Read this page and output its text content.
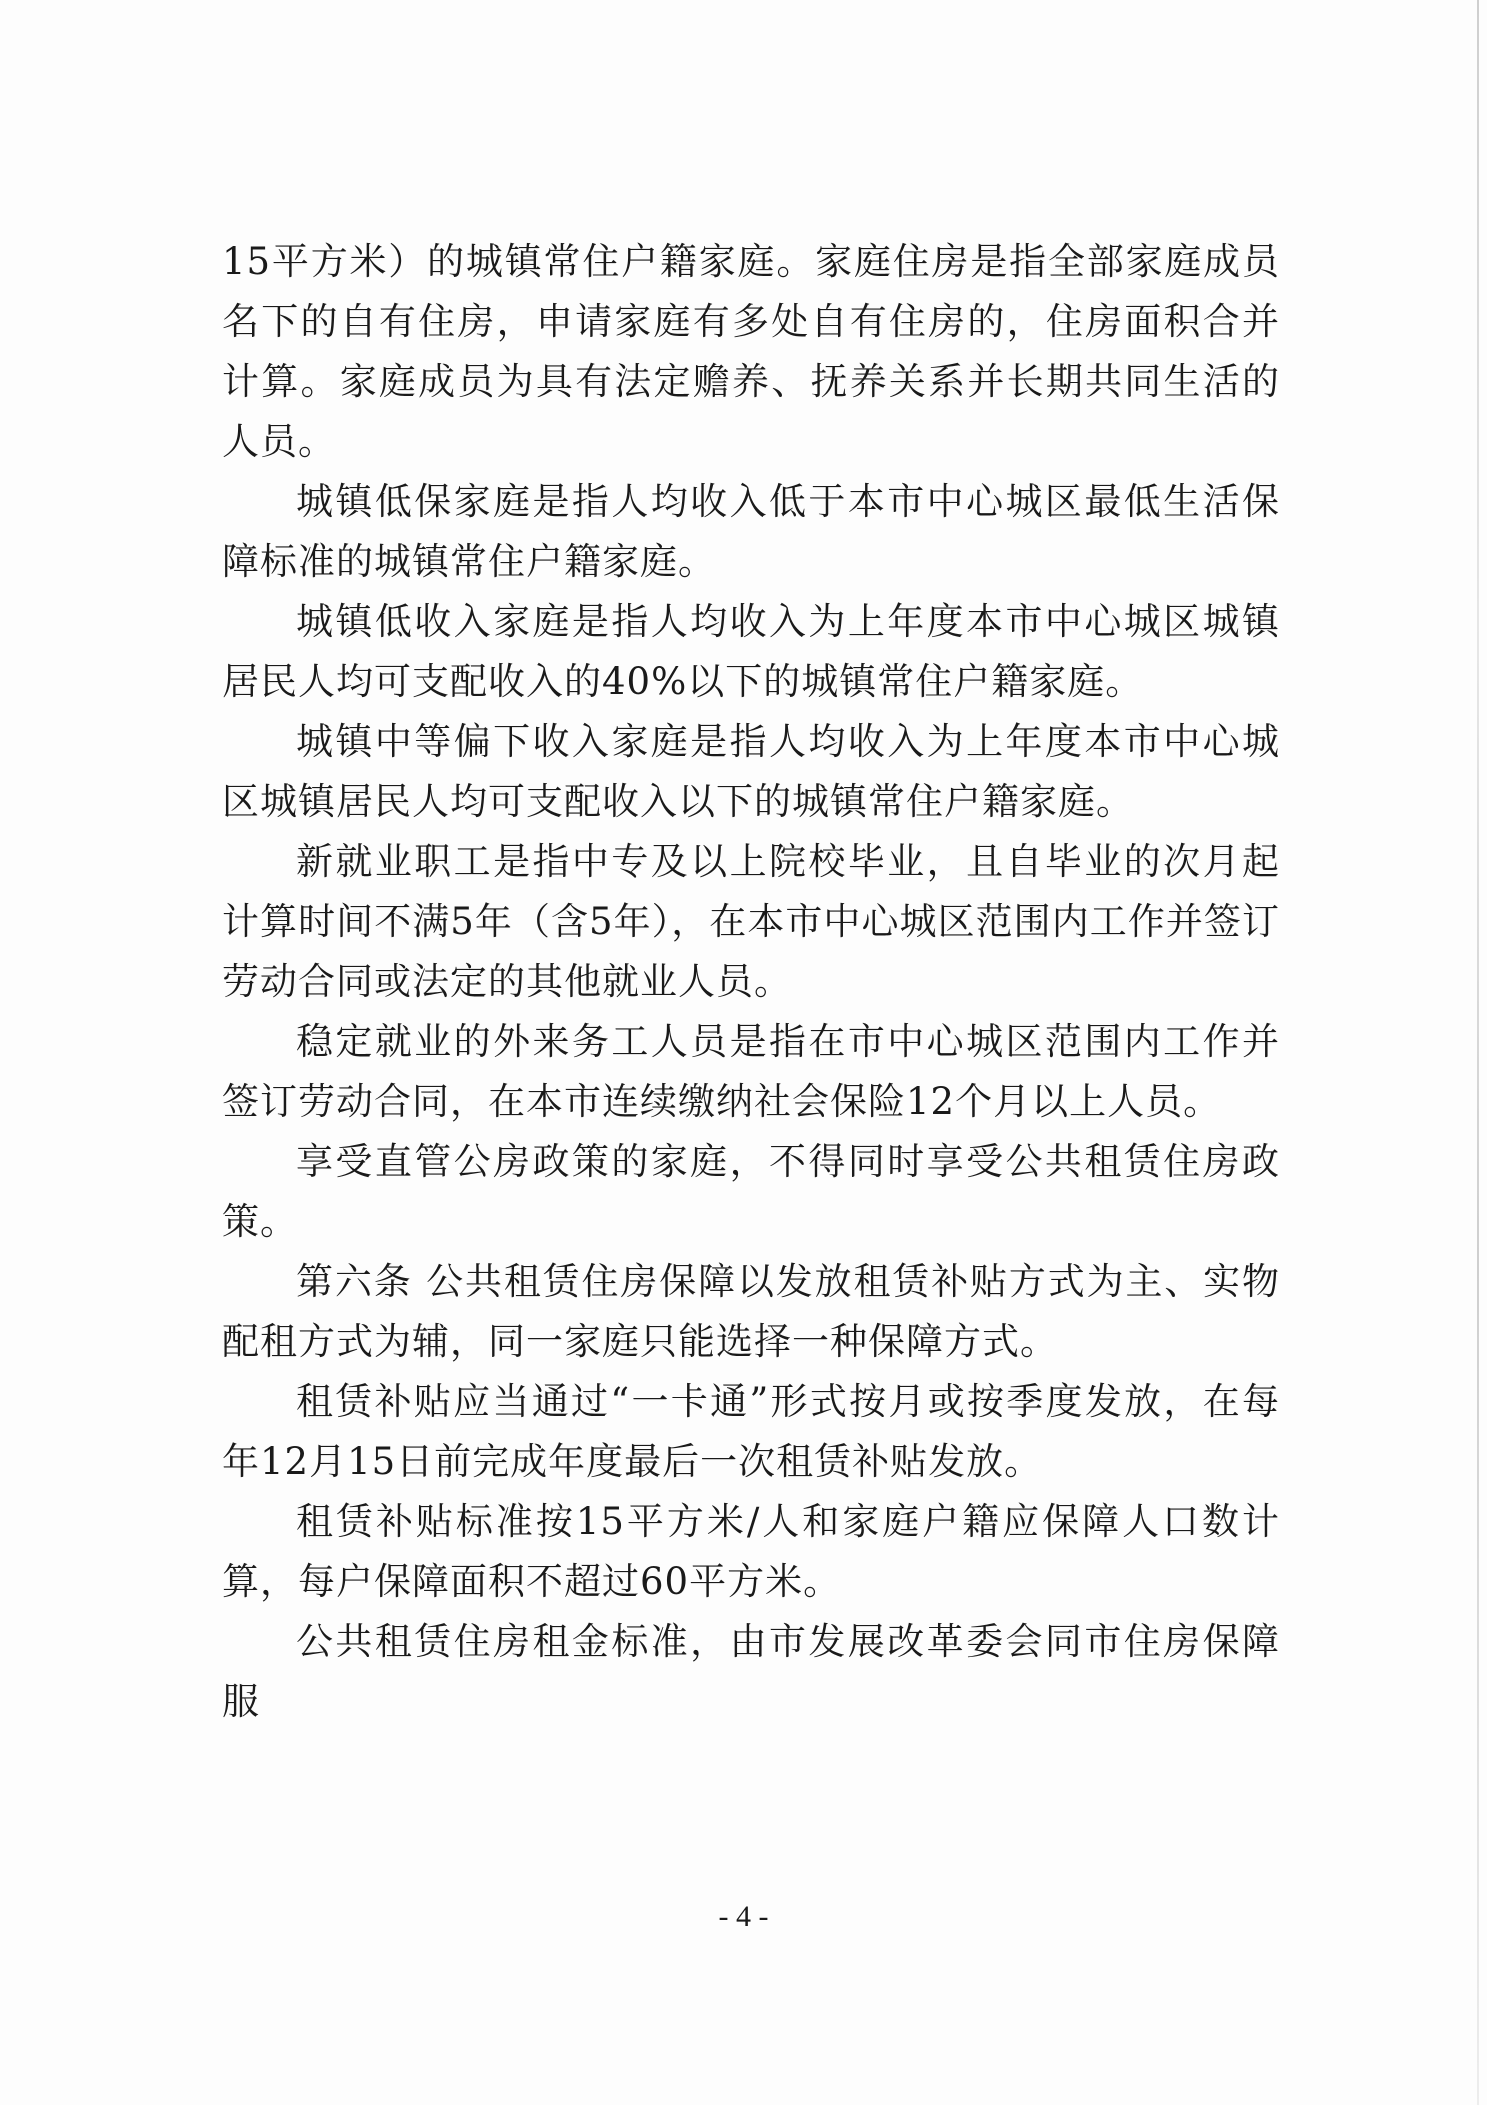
15平方米）的城镇常住户籍家庭。家庭住房是指全部家庭成员名下的自有住房，申请家庭有多处自有住房的，住房面积合并计算。家庭成员为具有法定赡养、抚养关系并长期共同生活的人员。

城镇低保家庭是指人均收入低于本市中心城区最低生活保障标准的城镇常住户籍家庭。

城镇低收入家庭是指人均收入为上年度本市中心城区城镇居民人均可支配收入的40%以下的城镇常住户籍家庭。

城镇中等偏下收入家庭是指人均收入为上年度本市中心城区城镇居民人均可支配收入以下的城镇常住户籍家庭。

新就业职工是指中专及以上院校毕业，且自毕业的次月起计算时间不满5年（含5年），在本市中心城区范围内工作并签订劳动合同或法定的其他就业人员。

稳定就业的外来务工人员是指在市中心城区范围内工作并签订劳动合同，在本市连续缴纳社会保险12个月以上人员。

享受直管公房政策的家庭，不得同时享受公共租赁住房政策。

第六条 公共租赁住房保障以发放租赁补贴方式为主、实物配租方式为辅，同一家庭只能选择一种保障方式。

租赁补贴应当通过“一卡通”形式按月或按季度发放，在每年12月15日前完成年度最后一次租赁补贴发放。

租赁补贴标准按15平方米/人和家庭户籍应保障人口数计算，每户保障面积不超过60平方米。

公共租赁住房租金标准，由市发展改革委会同市住房保障服

- 4 -
